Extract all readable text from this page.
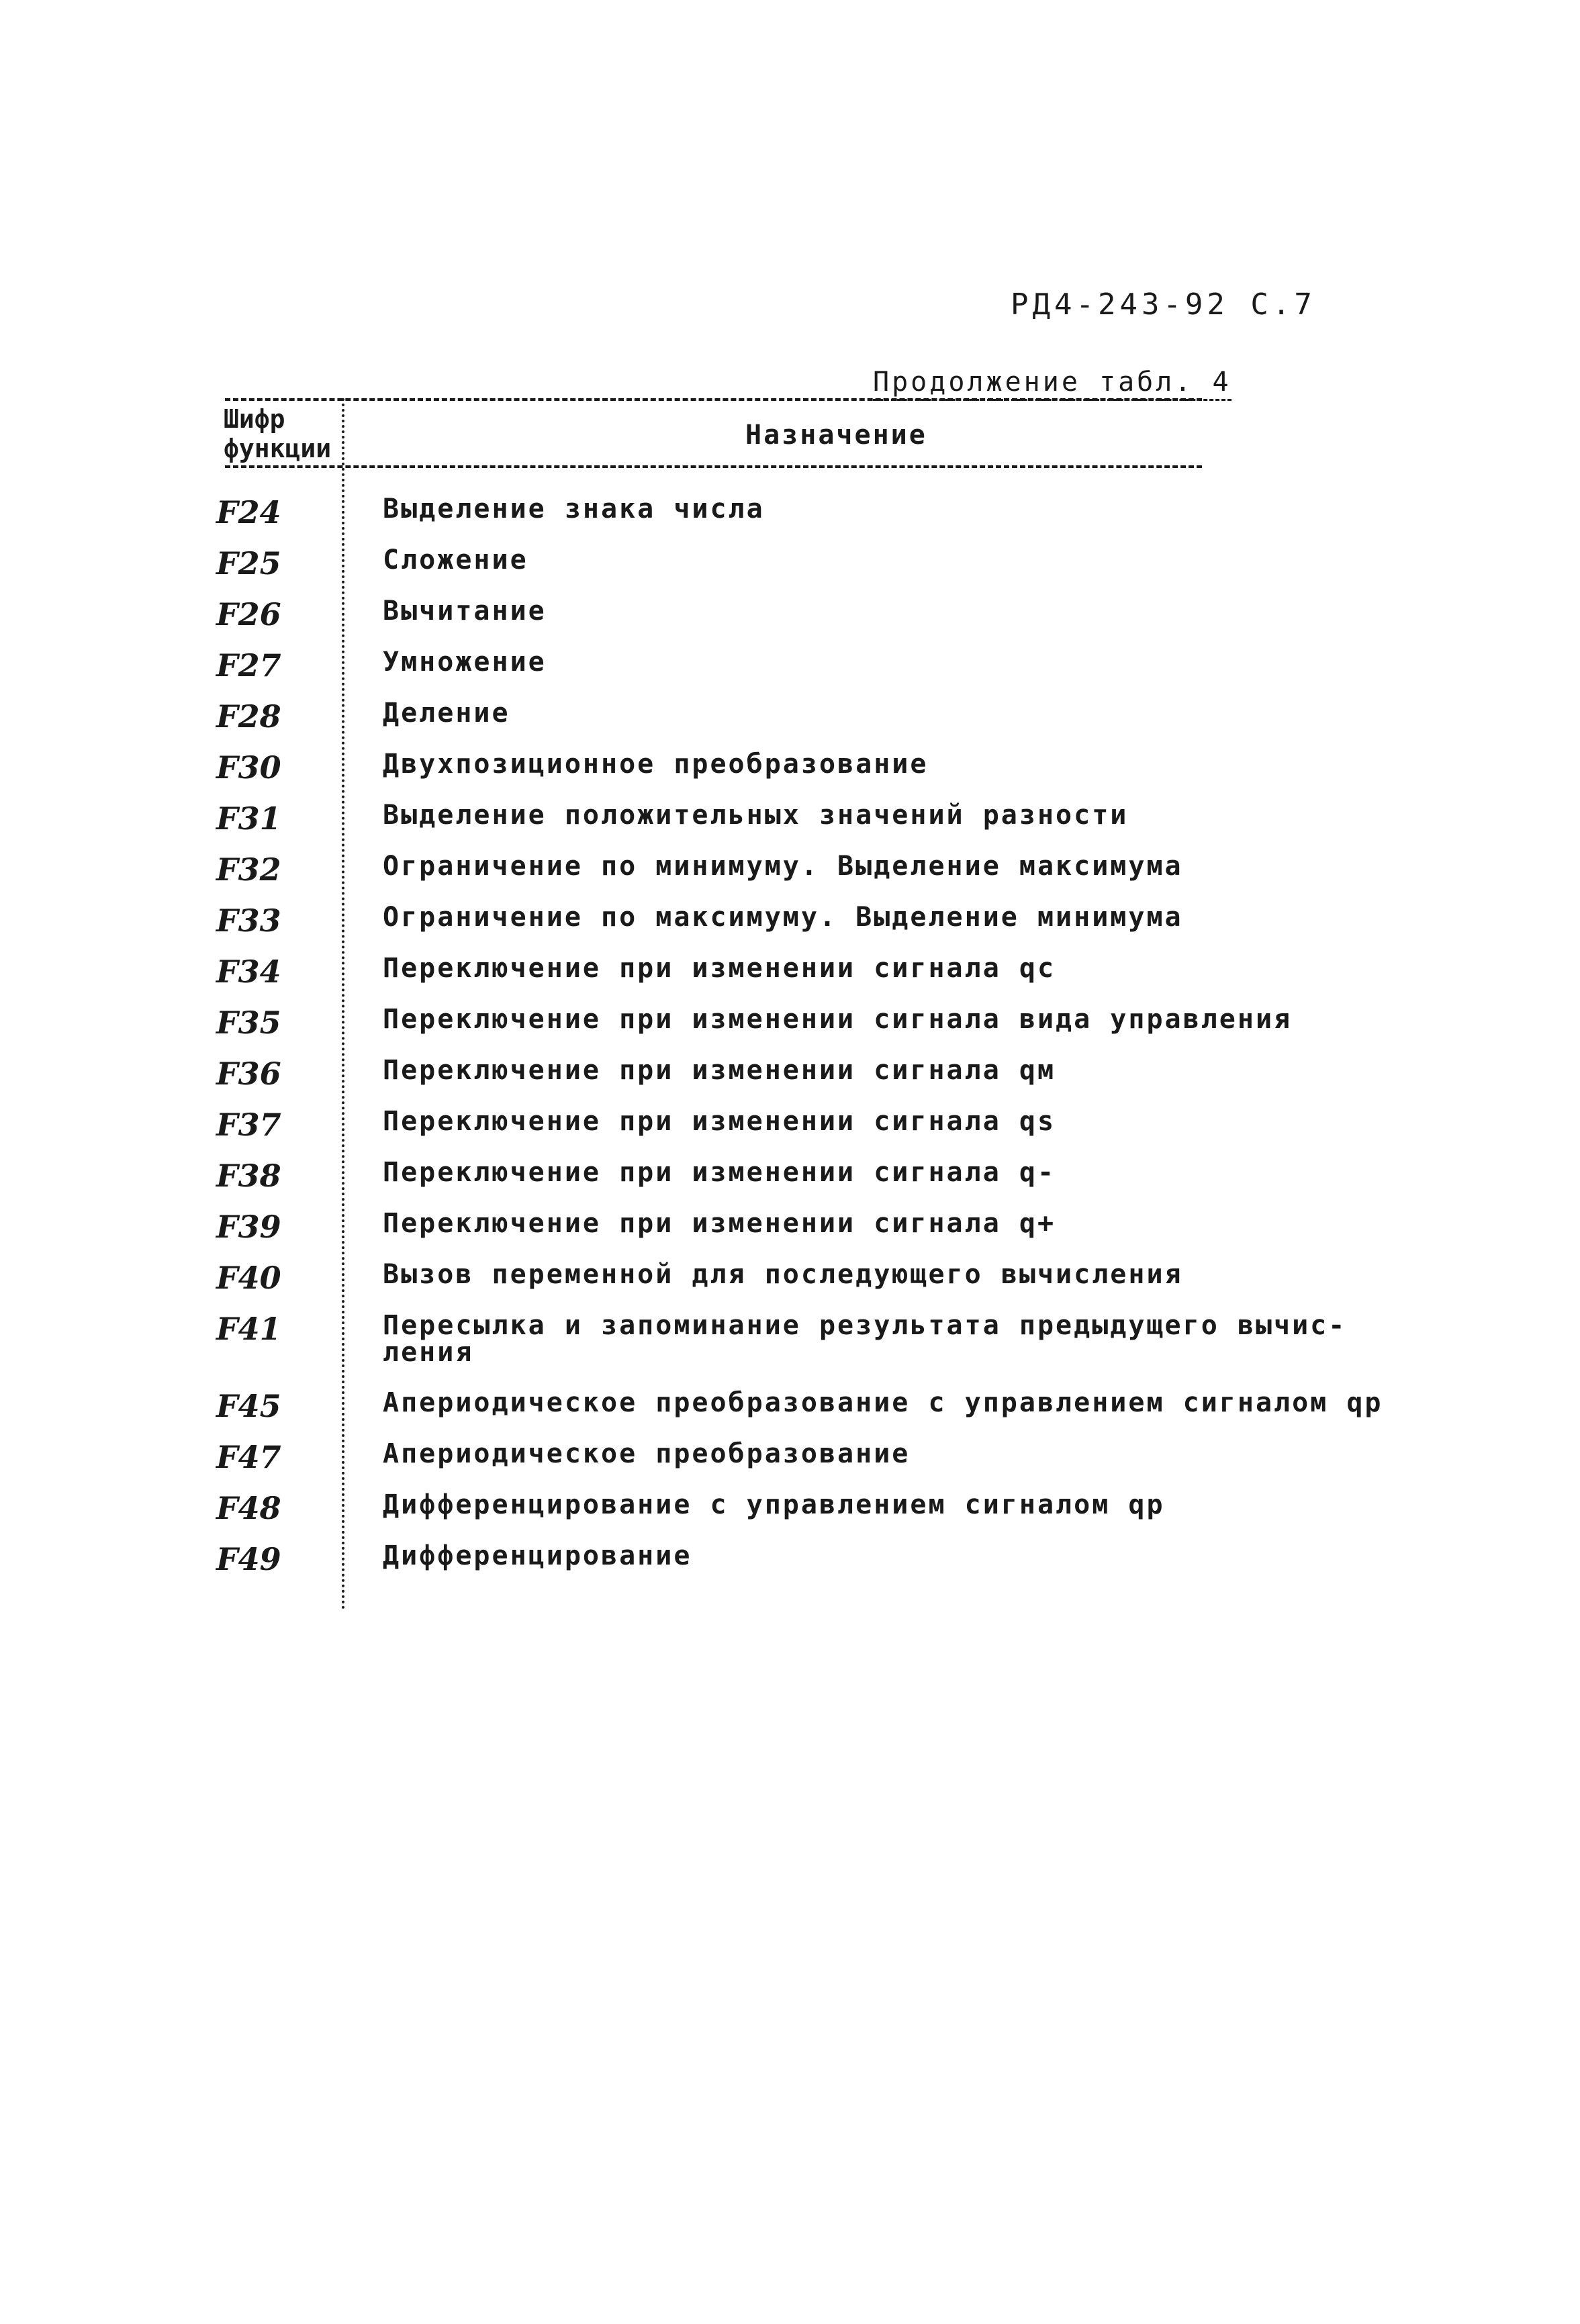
РД4-243-92 С.7
Продолжение табл. 4
Шифр
функции	Назначение
F24	Выделение знака числа
F25	Сложение
F26	Вычитание
F27	Умножение
F28	Деление
F30	Двухпозиционное преобразование
F31	Выделение положительных значений разности
F32	Ограничение по минимуму. Выделение максимума
F33	Ограничение по максимуму. Выделение минимума
F34	Переключение при изменении сигнала qc
F35	Переключение при изменении сигнала вида управления
F36	Переключение при изменении сигнала qм
F37	Переключение при изменении сигнала qs
F38	Переключение при изменении сигнала q-
F39	Переключение при изменении сигнала q+
F40	Вызов переменной для последующего вычисления
F41	Пересылка и запоминание результата предыдущего вычис-
ления
F45	Апериодическое преобразование с управлением сигналом qp
F47	Апериодическое преобразование
F48	Дифференцирование с управлением сигналом qp
F49	Дифференцирование
